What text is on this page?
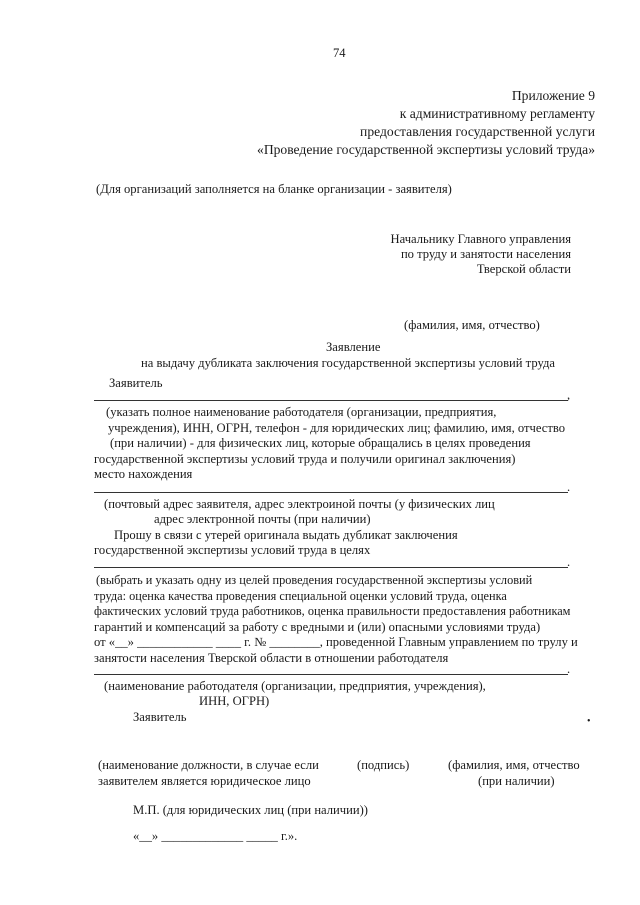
74
Приложение 9
к административному регламенту
предоставления государственной услуги
«Проведение государственной экспертизы условий труда»
(Для организаций заполняется на бланке организации - заявителя)
Начальнику Главного управления
по труду и занятости населения
Тверской области
(фамилия, имя, отчество)
Заявление
на выдачу дубликата заключения государственной экспертизы условий труда
Заявитель
,
(указать полное наименование работодателя (организации, предприятия,
учреждения), ИНН, ОГРН, телефон - для юридических лиц; фамилию, имя, отчество
(при наличии) - для физических лиц, которые обращались в целях проведения
государственной экспертизы условий труда и получили оригинал заключения)
место нахождения
.
(почтовый адрес заявителя, адрес электроиной почты (у физических лиц
адрес электронной почты (при наличии)
Прошу в связи с утерей оригинала выдать дубликат заключения
государственной экспертизы условий труда в целях
.
(выбрать и указать одну из целей проведения государственной экспертизы условий
труда: оценка качества проведения специальной оценки условий труда, оценка
фактических условий труда работников, оценка правильности предоставления работникам
гарантий и компенсаций за работу с вредными и (или) опасными условиями труда)
от «__» ____________ ____ г. № ________, проведенной Главным управлением по трулу и
занятости населения Тверской области в отношении работодателя
.
(наименование работодателя (организации, предприятия, учреждения),
ИНН, ОГРН)
Заявитель	•
(наименование должности, в случае если
заявителем является юридическое лицо
(подпись)	(фамилия, имя, отчество
(при наличии)
М.П. (для юридических лиц (при наличии))
«__» _____________ _____ г.».
